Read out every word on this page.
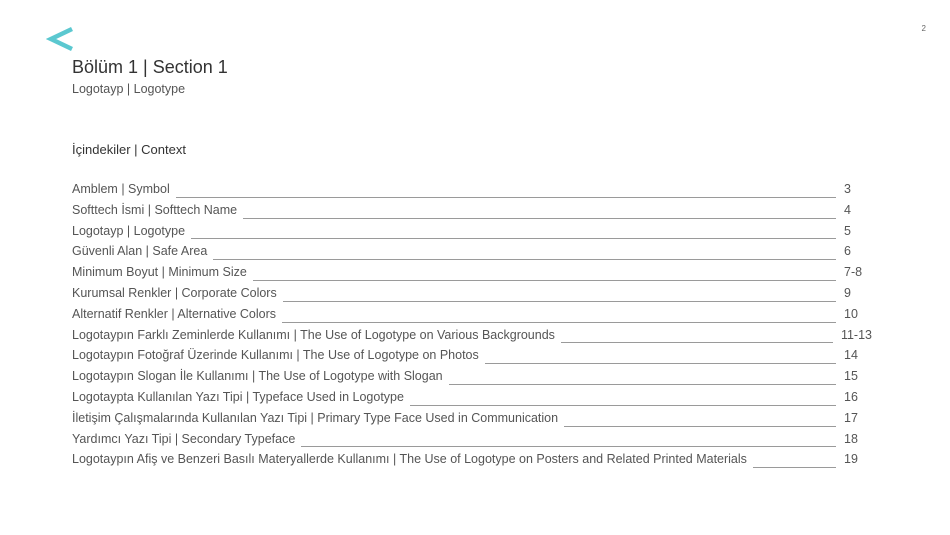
2
Bölüm 1 | Section 1
Logotayp | Logotype
İçindekiler | Context
Amblem | Symbol	3
Softtech İsmi | Softtech Name	4
Logotayp | Logotype	5
Güvenli Alan | Safe Area	6
Minimum Boyut | Minimum Size	7-8
Kurumsal Renkler | Corporate Colors	9
Alternatif Renkler | Alternative Colors	10
Logotaypın Farklı Zeminlerde Kullanımı | The Use of Logotype on Various Backgrounds	11-13
Logotaypın Fotoğraf Üzerinde Kullanımı | The Use of Logotype on Photos	14
Logotaypın Slogan İle Kullanımı | The Use of Logotype with Slogan	15
Logotaypta Kullanılan Yazı Tipi | Typeface Used in Logotype	16
İletişim Çalışmalarında Kullanılan Yazı Tipi | Primary Type Face Used in Communication	17
Yardımcı Yazı Tipi | Secondary Typeface	18
Logotaypın Afiş ve Benzeri Basılı Materyallerde Kullanımı | The Use of Logotype on Posters and Related Printed Materials	19
